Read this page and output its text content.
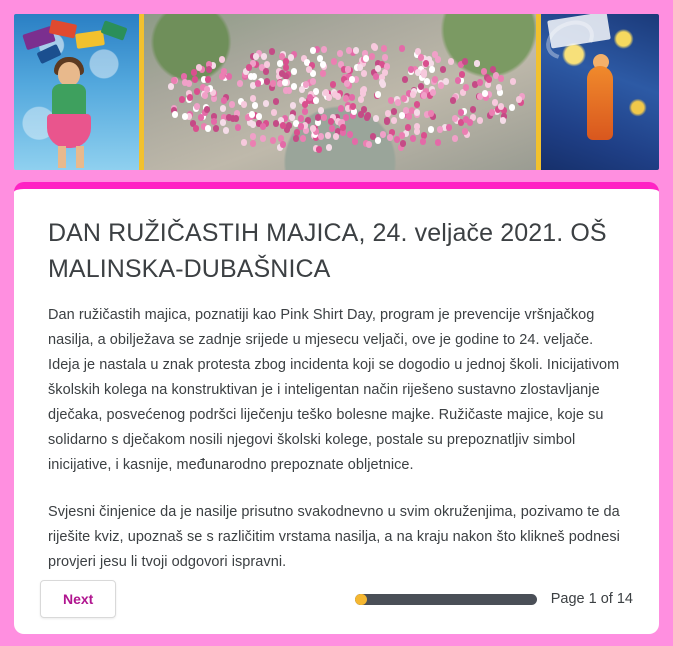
DAN RUŽIČASTIH MAJICA, 24. veljače 2021. OŠ MALINSKA-DUBAŠNICA

Dan ružičastih majica, poznatiji kao Pink Shirt Day, program je prevencije vršnjačkog nasilja, a obilježava se zadnje srijede u mjesecu veljači, ove je godine to 24. veljače. Ideja je nastala u znak protesta zbog incidenta koji se dogodio u jednoj školi. Inicijativom školskih kolega na konstruktivan je i inteligentan način riješeno sustavno zlostavljanje dječaka, posvećenog podršci liječenju teško bolesne majke. Ružičaste majice, koje su solidarno s dječakom nosili njegovi školski kolege, postale su prepoznatljiv simbol inicijative, i kasnije, međunarodno prepoznate obljetnice.

Svjesni činjenice da je nasilje prisutno svakodnevno u svim okruženjima, pozivamo te da riješite kviz, upoznaš se s različitim vrstama nasilja, a na kraju nakon što klikneš podnesi provjeri jesu li tvoji odgovori ispravni.

Next	Page 1 of 14
